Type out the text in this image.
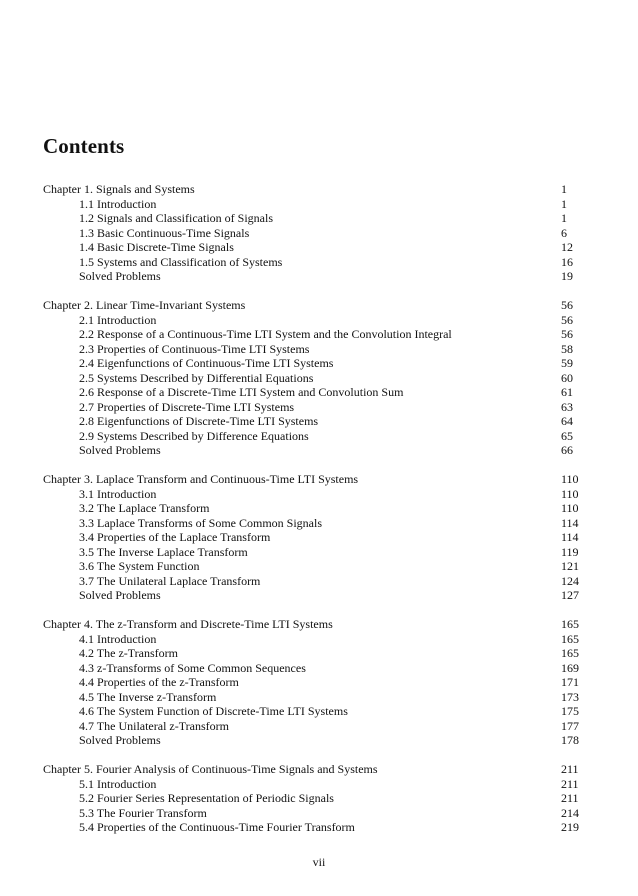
Contents
Chapter 1. Signals and Systems	1
1.1 Introduction	1
1.2 Signals and Classification of Signals	1
1.3 Basic Continuous-Time Signals	6
1.4 Basic Discrete-Time Signals	12
1.5 Systems and Classification of Systems	16
Solved Problems	19
Chapter 2. Linear Time-Invariant Systems	56
2.1 Introduction	56
2.2 Response of a Continuous-Time LTI System and the Convolution Integral	56
2.3 Properties of Continuous-Time LTI Systems	58
2.4 Eigenfunctions of Continuous-Time LTI Systems	59
2.5 Systems Described by Differential Equations	60
2.6 Response of a Discrete-Time LTI System and Convolution Sum	61
2.7 Properties of Discrete-Time LTI Systems	63
2.8 Eigenfunctions of Discrete-Time LTI Systems	64
2.9 Systems Described by Difference Equations	65
Solved Problems	66
Chapter 3. Laplace Transform and Continuous-Time LTI Systems	110
3.1 Introduction	110
3.2 The Laplace Transform	110
3.3 Laplace Transforms of Some Common Signals	114
3.4 Properties of the Laplace Transform	114
3.5 The Inverse Laplace Transform	119
3.6 The System Function	121
3.7 The Unilateral Laplace Transform	124
Solved Problems	127
Chapter 4. The z-Transform and Discrete-Time LTI Systems	165
4.1 Introduction	165
4.2 The z-Transform	165
4.3 z-Transforms of Some Common Sequences	169
4.4 Properties of the z-Transform	171
4.5 The Inverse z-Transform	173
4.6 The System Function of Discrete-Time LTI Systems	175
4.7 The Unilateral z-Transform	177
Solved Problems	178
Chapter 5. Fourier Analysis of Continuous-Time Signals and Systems	211
5.1 Introduction	211
5.2 Fourier Series Representation of Periodic Signals	211
5.3 The Fourier Transform	214
5.4 Properties of the Continuous-Time Fourier Transform	219
vii
